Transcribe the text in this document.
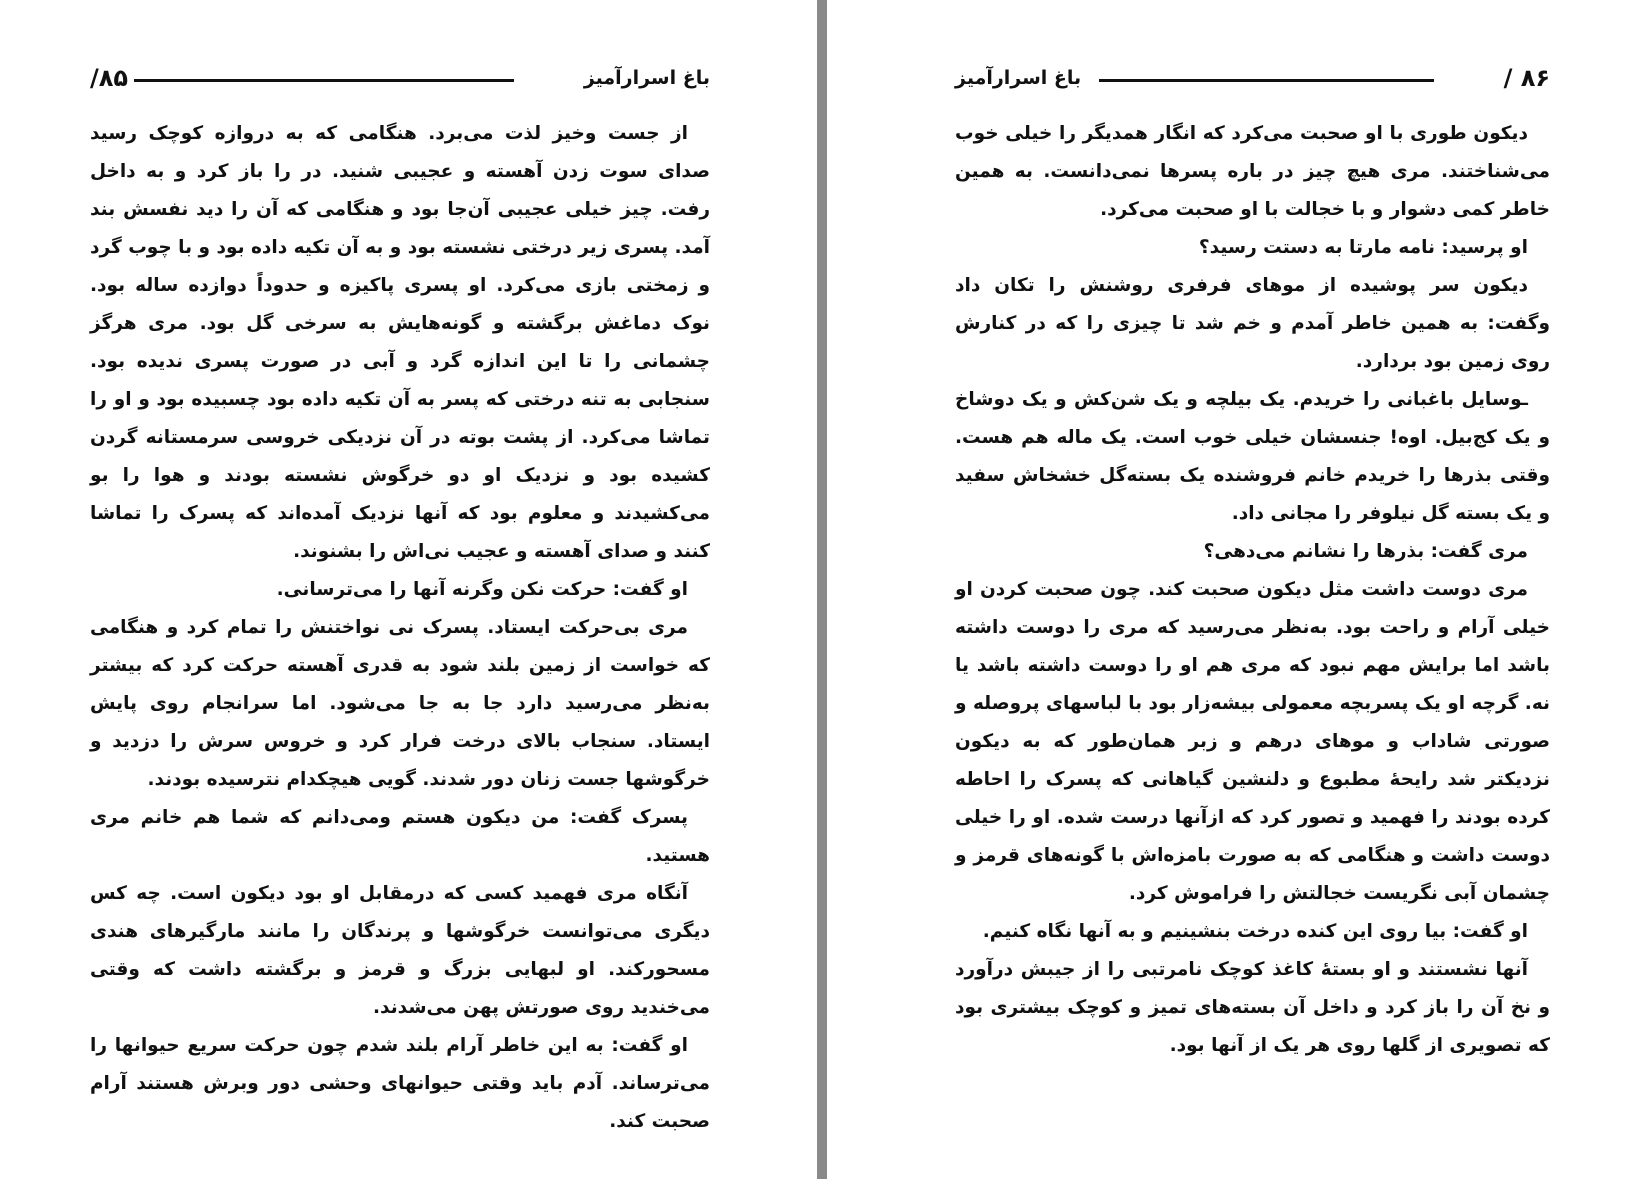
باغ اسرارآمیز
۸۵/

از جست وخیز لذت می‌برد. هنگامی که به دروازه کوچک رسید صدای سوت زدن آهسته و عجیبی شنید. در را باز کرد و به داخل رفت. چیز خیلی عجیبی آن‌جا بود و هنگامی که آن را دید نفسش بند آمد. پسری زیر درختی نشسته بود و به آن تکیه داده بود و با چوب گرد و زمختی بازی می‌کرد. او پسری پاکیزه و حدوداً دوازده ساله بود. نوک دماغش برگشته و گونه‌هایش به سرخی گل بود. مری هرگز چشمانی را تا این اندازه گرد و آبی در صورت پسری ندیده بود. سنجابی به تنه درختی که پسر به آن تکیه داده بود چسبیده بود و او را تماشا می‌کرد. از پشت بوته در آن نزدیکی خروسی سرمستانه گردن کشیده بود و نزدیک او دو خرگوش نشسته بودند و هوا را بو می‌کشیدند و معلوم بود که آنها نزدیک آمده‌اند که پسرک را تماشا کنند و صدای آهسته و عجیب نی‌اش را بشنوند.

او گفت: حرکت نکن وگرنه آنها را می‌ترسانی.

مری بی‌حرکت ایستاد. پسرک نی نواختنش را تمام کرد و هنگامی که خواست از زمین بلند شود به قدری آهسته حرکت کرد که بیشتر به‌نظر می‌رسید دارد جا به جا می‌شود. اما سرانجام روی پایش ایستاد. سنجاب بالای درخت فرار کرد و خروس سرش را دزدید و خرگوشها جست زنان دور شدند. گویی هیچکدام نترسیده بودند.

پسرک گفت: من دیکون هستم ومی‌دانم که شما هم خانم مری هستید.

آنگاه مری فهمید کسی که درمقابل او بود دیکون است. چه کس دیگری می‌توانست خرگوشها و پرندگان را مانند مارگیرهای هندی مسحورکند. او لبهایی بزرگ و قرمز و برگشته داشت که وقتی می‌خندید روی صورتش پهن می‌شدند.

او گفت: به این خاطر آرام بلند شدم چون حرکت سریع حیوانها را می‌ترساند. آدم باید وقتی حیوانهای وحشی دور وبرش هستند آرام صحبت کند.

۸۶ /
باغ اسرارآمیز

دیکون طوری با او صحبت می‌کرد که انگار همدیگر را خیلی خوب می‌شناختند. مری هیچ چیز در باره پسرها نمی‌دانست. به همین خاطر کمی دشوار و با خجالت با او صحبت می‌کرد.

او پرسید: نامه مارتا به دستت رسید؟

دیکون سر پوشیده از موهای فرفری روشنش را تکان داد وگفت: به همین خاطر آمدم و خم شد تا چیزی را که در کنارش روی زمین بود بردارد.

ـوسایل باغبانی را خریدم. یک بیلچه و یک شن‌کش و یک دوشاخ و یک کج‌بیل. اوه! جنسشان خیلی خوب است. یک ماله هم هست. وقتی بذرها را خریدم خانم فروشنده یک بسته‌گل خشخاش سفید و یک بسته گل نیلوفر را مجانی داد.

مری گفت: بذرها را نشانم می‌دهی؟

مری دوست داشت مثل دیکون صحبت کند. چون صحبت کردن او خیلی آرام و راحت بود. به‌نظر می‌رسید که مری را دوست داشته باشد اما برایش مهم نبود که مری هم او را دوست داشته باشد یا نه. گرچه او یک پسربچه معمولی بیشه‌زار بود با لباسهای پروصله و صورتی شاداب و موهای درهم و زبر همان‌طور که به دیکون نزدیکتر شد رایحهٔ مطبوع و دلنشین گیاهانی که پسرک را احاطه کرده بودند را فهمید و تصور کرد که ازآنها درست شده. او را خیلی دوست داشت و هنگامی که به صورت بامزه‌اش با گونه‌های قرمز و چشمان آبی نگریست خجالتش را فراموش کرد.

او گفت: بیا روی این کنده درخت بنشینیم و به آنها نگاه کنیم.

آنها نشستند و او بستهٔ کاغذ کوچک نامرتبی را از جیبش درآورد و نخ آن را باز کرد و داخل آن بسته‌های تمیز و کوچک بیشتری بود که تصویری از گلها روی هر یک از آنها بود.
